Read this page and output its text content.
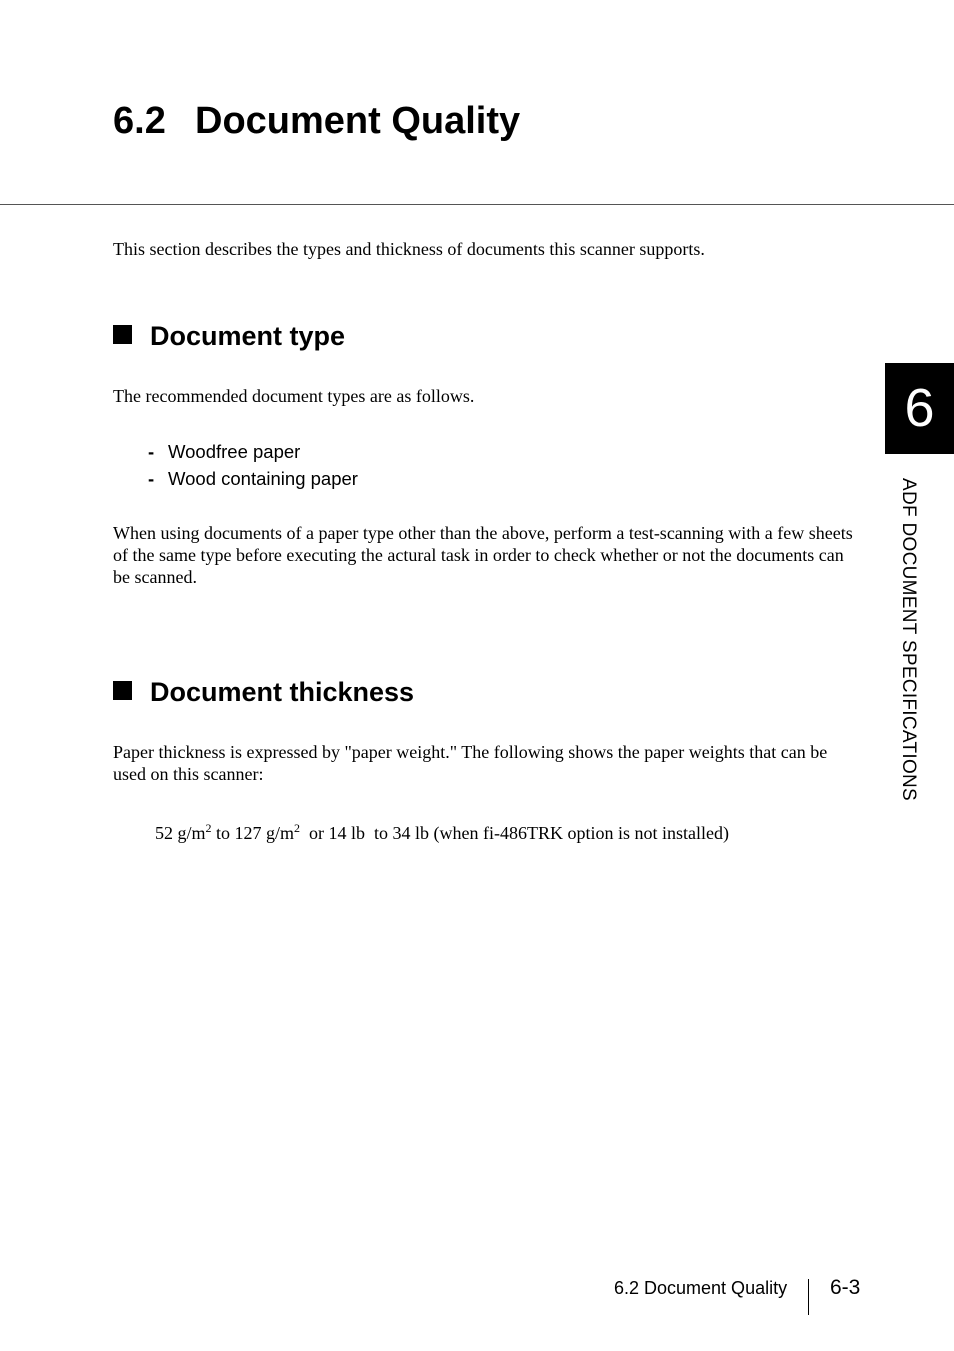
6.2 Document Quality

This section describes the types and thickness of documents this scanner supports.

Document type

The recommended document types are as follows.

- Woodfree paper
- Wood containing paper

When using documents of a paper type other than the above, perform a test-scanning with a few sheets of the same type before executing the actural task in order to check whether or not the documents can be scanned.

Document thickness

Paper thickness is expressed by "paper weight." The following shows the paper weights that can be used on this scanner:

52 $g/m^2$ to 127 $g/m^2$  or 14 lb  to 34 lb (when fi-486TRK option is not installed)

6
ADF DOCUMENT SPECIFICATIONS
6.2 Document Quality 6-3
